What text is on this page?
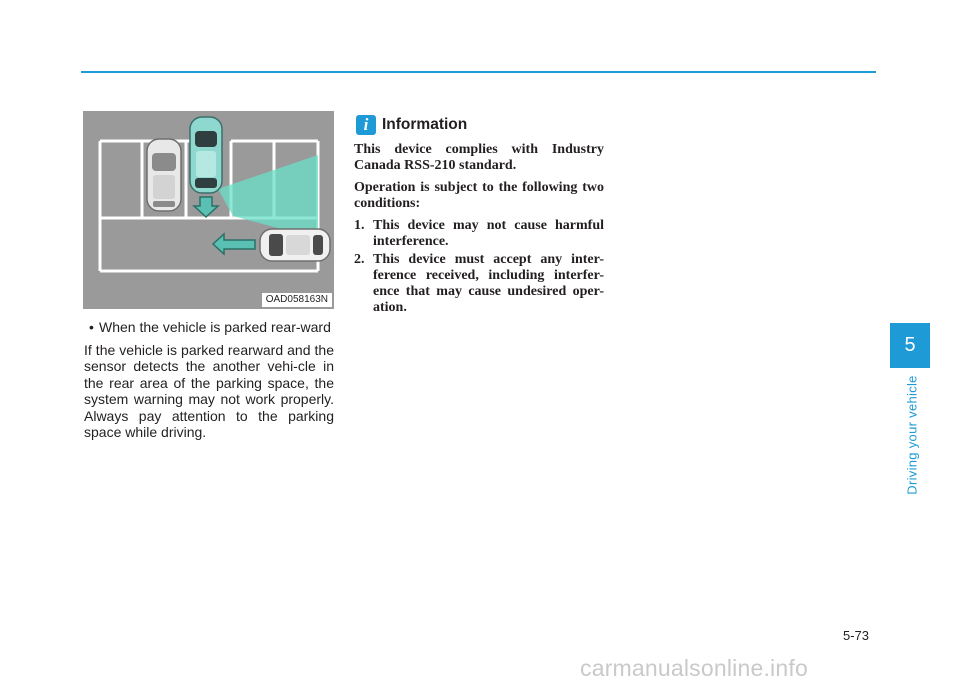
OAD058163N

• When the vehicle is parked rear-ward

If the vehicle is parked rearward and the sensor detects the another vehi-cle in the rear area of the parking space, the system warning may not work properly. Always pay attention to the parking space while driving.

i Information

This device complies with Industry Canada RSS-210 standard.

Operation is subject to the following two conditions:

1. This device may not cause harmful interference.
2. This device must accept any inter-ference received, including interfer-ence that may cause undesired oper-ation.
5
Driving your vehicle
5-73
carmanualsonline.info
